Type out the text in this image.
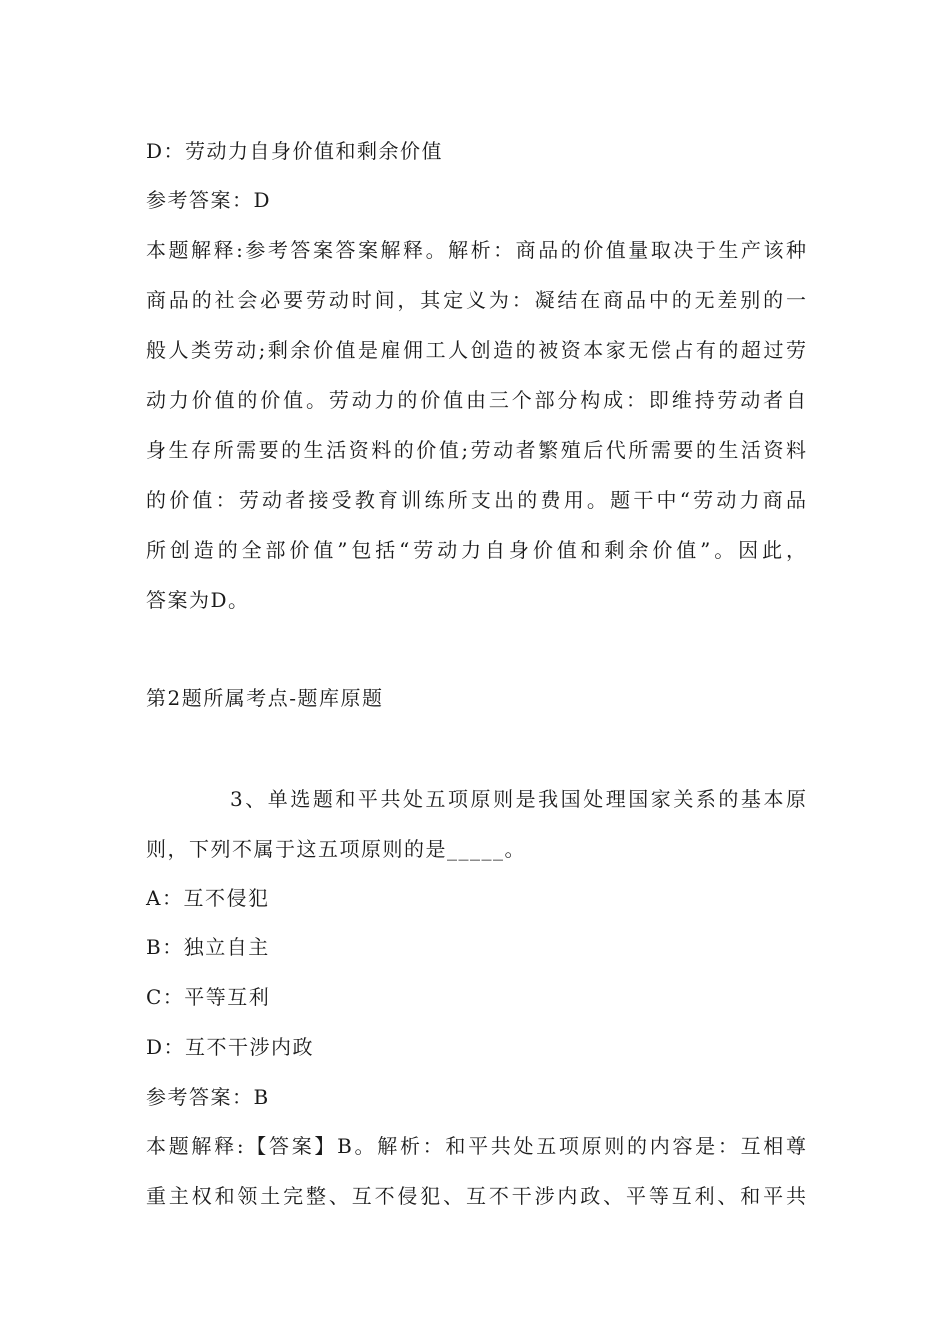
D：劳动力自身价值和剩余价值
参考答案：D
本题解释:参考答案答案解释。解析：商品的价值量取决于生产该种
商品的社会必要劳动时间，其定义为：凝结在商品中的无差别的一
般人类劳动;剩余价值是雇佣工人创造的被资本家无偿占有的超过劳
动力价值的价值。劳动力的价值由三个部分构成：即维持劳动者自
身生存所需要的生活资料的价值;劳动者繁殖后代所需要的生活资料
的价值：劳动者接受教育训练所支出的费用。题干中“劳动力商品
所创造的全部价值”包括“劳动力自身价值和剩余价值”。因此，
答案为D。
第2题所属考点-题库原题
3、单选题和平共处五项原则是我国处理国家关系的基本原
则，下列不属于这五项原则的是_____。
A：互不侵犯
B：独立自主
C：平等互利
D：互不干涉内政
参考答案：B
本题解释:【答案】B。解析：和平共处五项原则的内容是：互相尊
重主权和领土完整、互不侵犯、互不干涉内政、平等互利、和平共
